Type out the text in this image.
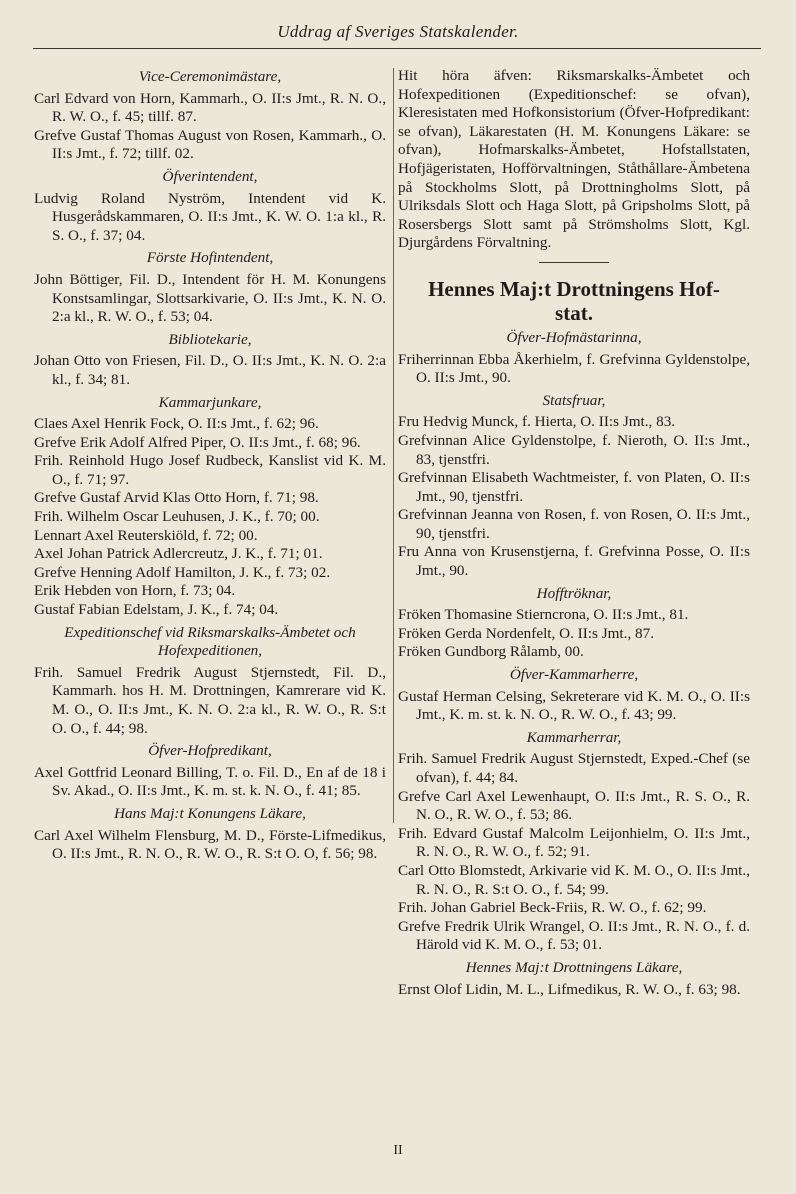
Uddrag af Sveriges Statskalender.
Vice-Ceremonimästare,

Carl Edvard von Horn, Kammarh., O. II:s Jmt., R. N. O., R. W. O., f. 45; tillf. 87.

Grefve Gustaf Thomas August von Rosen, Kammarh., O. II:s Jmt., f. 72; tillf. 02.

Öfverintendent,

Ludvig Roland Nyström, Intendent vid K. Husgerådskammaren, O. II:s Jmt., K. W. O. 1:a kl., R. S. O., f. 37; 04.

Förste Hofintendent,

John Böttiger, Fil. D., Intendent för H. M. Konungens Konstsamlingar, Slottsarkivarie, O. II:s Jmt., K. N. O. 2:a kl., R. W. O., f. 53; 04.

Bibliotekarie,

Johan Otto von Friesen, Fil. D., O. II:s Jmt., K. N. O. 2:a kl., f. 34; 81.

Kammarjunkare,

Claes Axel Henrik Fock, O. II:s Jmt., f. 62; 96.

Grefve Erik Adolf Alfred Piper, O. II:s Jmt., f. 68; 96.

Frih. Reinhold Hugo Josef Rudbeck, Kanslist vid K. M. O., f. 71; 97.

Grefve Gustaf Arvid Klas Otto Horn, f. 71; 98.

Frih. Wilhelm Oscar Leuhusen, J. K., f. 70; 00.

Lennart Axel Reuterskiöld, f. 72; 00.

Axel Johan Patrick Adlercreutz, J. K., f. 71; 01.

Grefve Henning Adolf Hamilton, J. K., f. 73; 02.

Erik Hebden von Horn, f. 73; 04.

Gustaf Fabian Edelstam, J. K., f. 74; 04.

Expeditionschef vid Riksmarskalks-Ämbetet och Hofexpeditionen,

Frih. Samuel Fredrik August Stjernstedt, Fil. D., Kammarh. hos H. M. Drottningen, Kamrerare vid K. M. O., O. II:s Jmt., K. N. O. 2:a kl., R. W. O., R. S:t O. O., f. 44; 98.

Öfver-Hofpredikant,

Axel Gottfrid Leonard Billing, T. o. Fil. D., En af de 18 i Sv. Akad., O. II:s Jmt., K. m. st. k. N. O., f. 41; 85.

Hans Maj:t Konungens Läkare,

Carl Axel Wilhelm Flensburg, M. D., Förste-Lifmedikus, O. II:s Jmt., R. N. O., R. W. O., R. S:t O. O, f. 56; 98.

Hit höra äfven: Riksmarskalks-Ämbetet och Hofexpeditionen (Expeditionschef: se ofvan), Kleresistaten med Hofkonsistorium (Öfver-Hofpredikant: se ofvan), Läkarestaten (H. M. Konungens Läkare: se ofvan), Hofmarskalks-Ämbetet, Hofstallstaten, Hofjägeristaten, Hofförvaltningen, Ståthållare-Ämbetena på Stockholms Slott, på Drottningholms Slott, på Ulriksdals Slott och Haga Slott, på Gripsholms Slott, på Rosersbergs Slott samt på Strömsholms Slott, Kgl. Djurgårdens Förvaltning.

Hennes Maj:t Drottningens Hof-
stat.
Öfver-Hofmästarinna,

Friherrinnan Ebba Åkerhielm, f. Grefvinna Gyldenstolpe, O. II:s Jmt., 90.

Statsfruar,

Fru Hedvig Munck, f. Hierta, O. II:s Jmt., 83.

Grefvinnan Alice Gyldenstolpe, f. Nieroth, O. II:s Jmt., 83, tjenstfri.

Grefvinnan Elisabeth Wachtmeister, f. von Platen, O. II:s Jmt., 90, tjenstfri.

Grefvinnan Jeanna von Rosen, f. von Rosen, O. II:s Jmt., 90, tjenstfri.

Fru Anna von Krusenstjerna, f. Grefvinna Posse, O. II:s Jmt., 90.

Hofftröknar,

Fröken Thomasine Stierncrona, O. II:s Jmt., 81.

Fröken Gerda Nordenfelt, O. II:s Jmt., 87.

Fröken Gundborg Rålamb, 00.

Öfver-Kammarherre,

Gustaf Herman Celsing, Sekreterare vid K. M. O., O. II:s Jmt., K. m. st. k. N. O., R. W. O., f. 43; 99.

Kammarherrar,

Frih. Samuel Fredrik August Stjernstedt, Exped.-Chef (se ofvan), f. 44; 84.

Grefve Carl Axel Lewenhaupt, O. II:s Jmt., R. S. O., R. N. O., R. W. O., f. 53; 86.

Frih. Edvard Gustaf Malcolm Leijonhielm, O. II:s Jmt., R. N. O., R. W. O., f. 52; 91.

Carl Otto Blomstedt, Arkivarie vid K. M. O., O. II:s Jmt., R. N. O., R. S:t O. O., f. 54; 99.

Frih. Johan Gabriel Beck-Friis, R. W. O., f. 62; 99.

Grefve Fredrik Ulrik Wrangel, O. II:s Jmt., R. N. O., f. d. Härold vid K. M. O., f. 53; 01.

Hennes Maj:t Drottningens Läkare,

Ernst Olof Lidin, M. L., Lifmedikus, R. W. O., f. 63; 98.

II
